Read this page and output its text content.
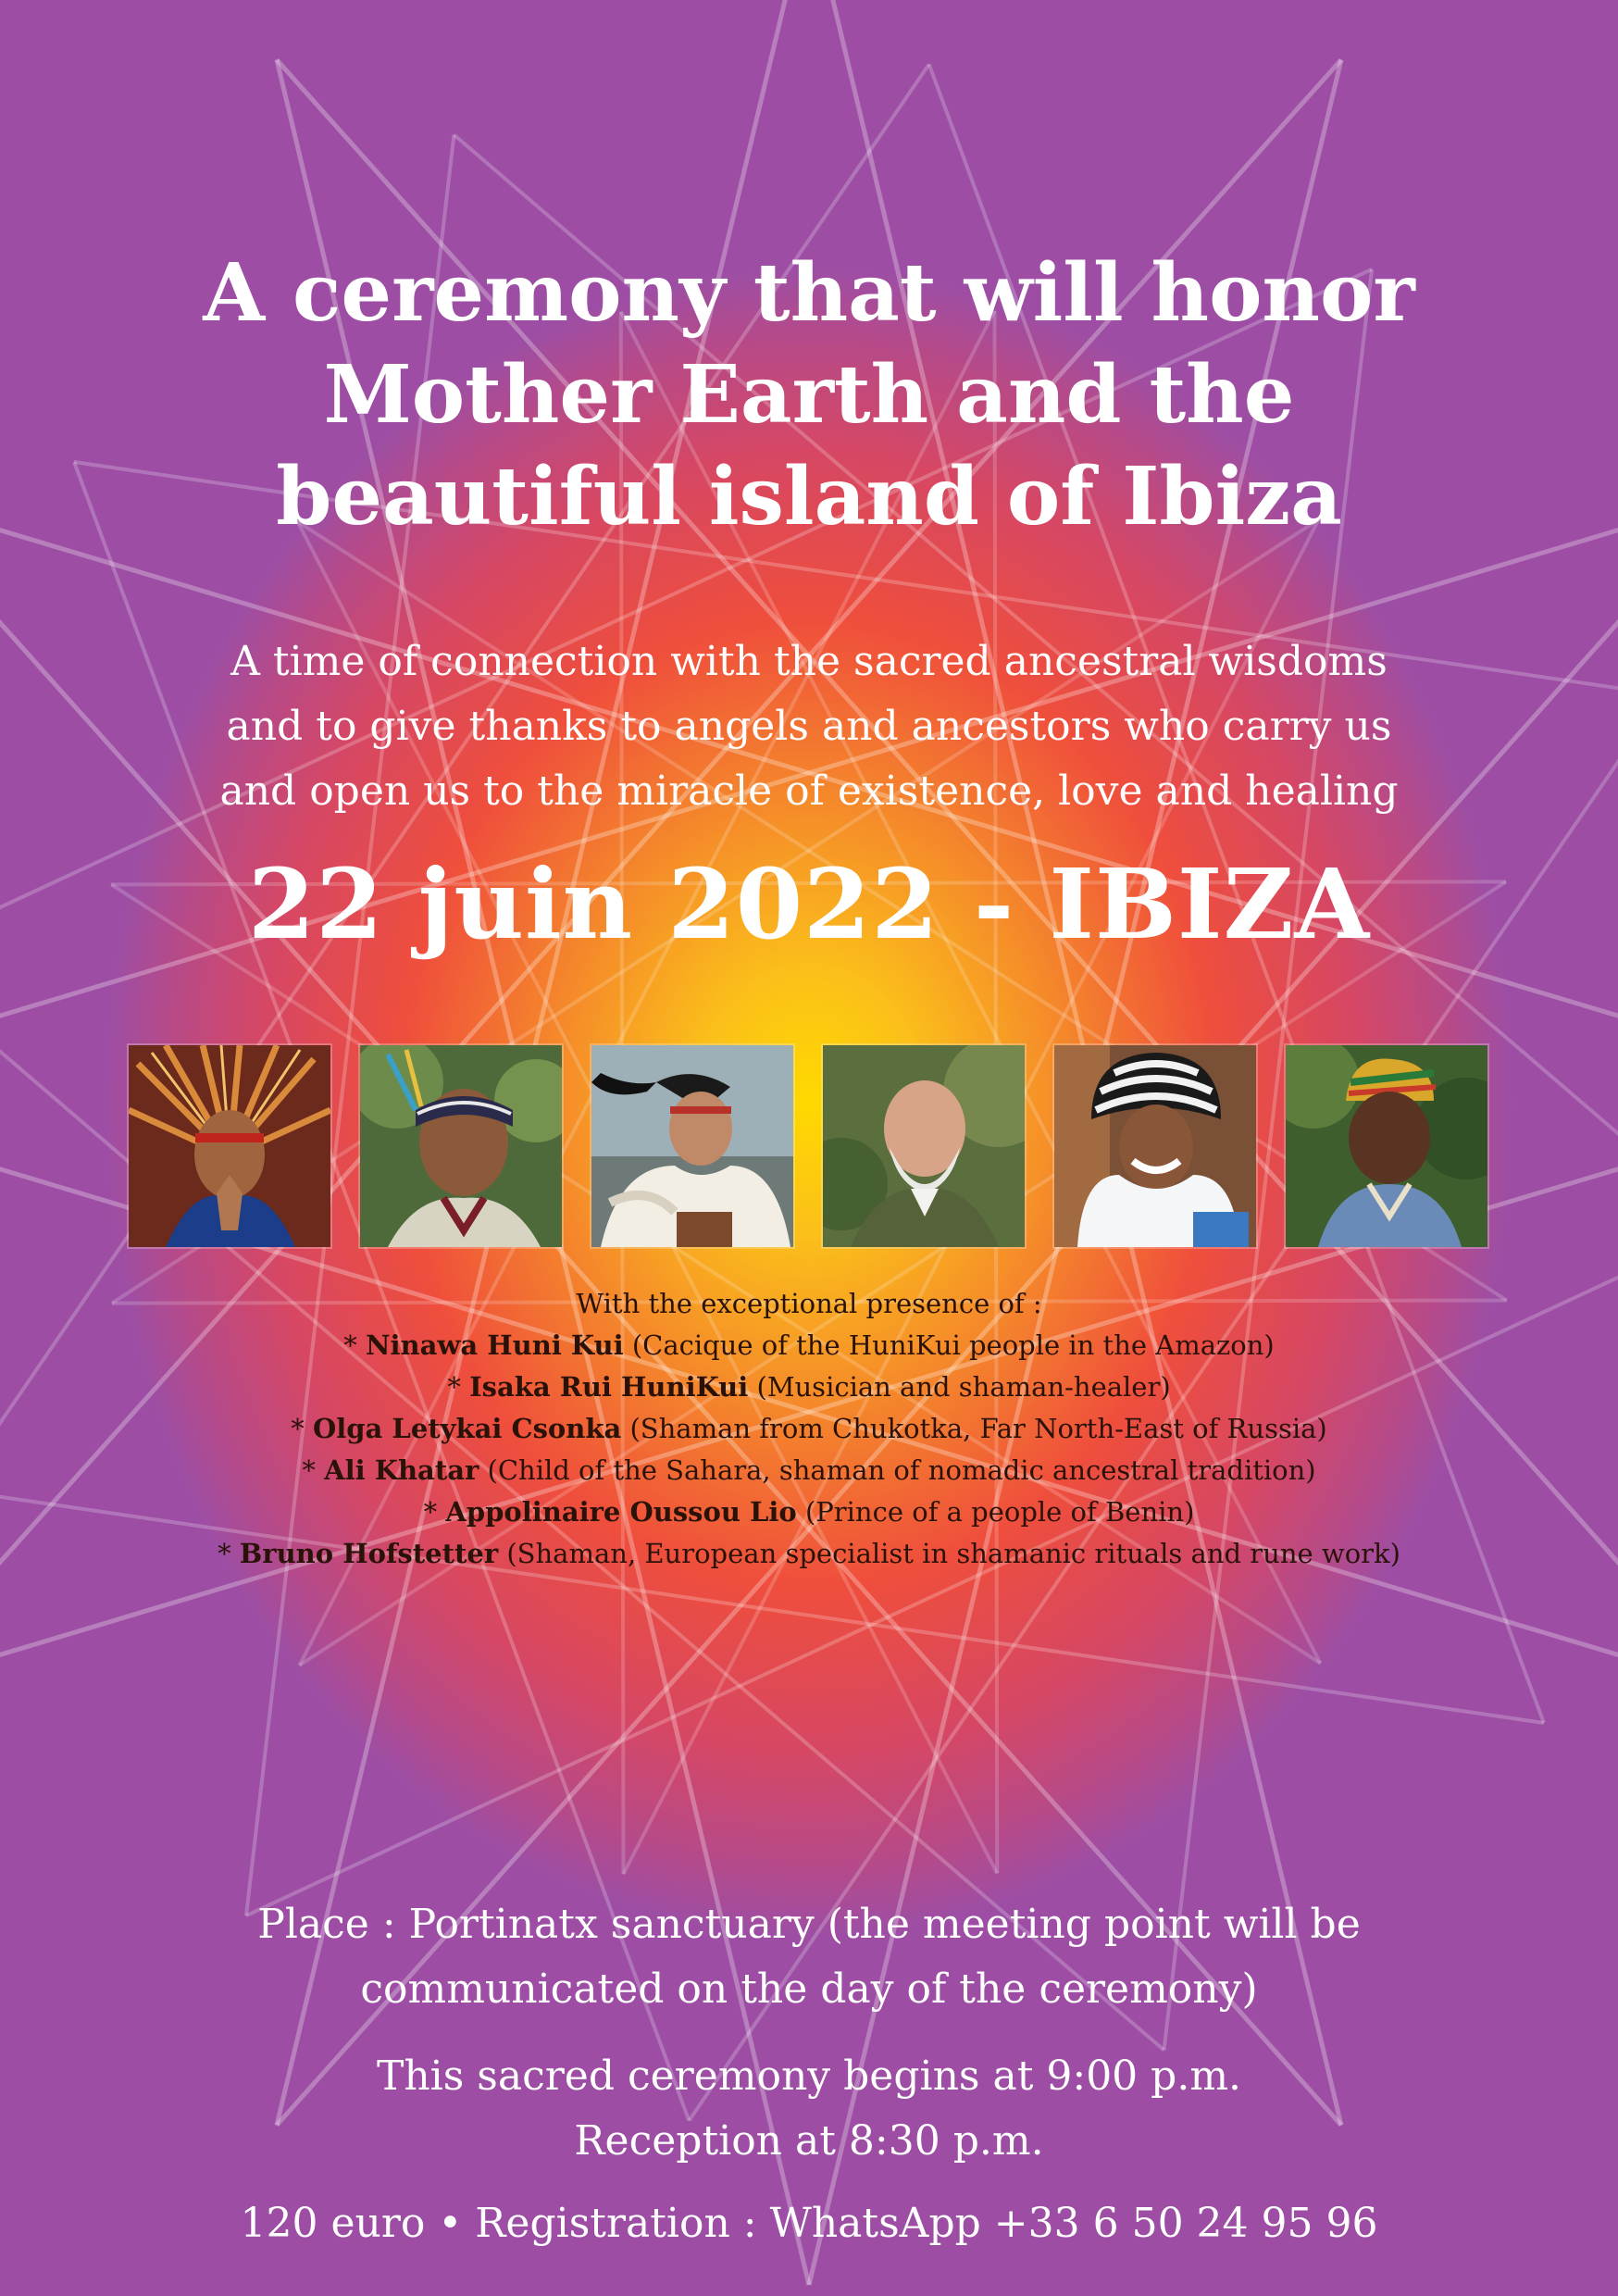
A ceremony that will honor
Mother Earth and the
beautiful island of Ibiza
A time of connection with the sacred ancestral wisdoms
and to give thanks to angels and ancestors who carry us
and open us to the miracle of existence, love and healing
22 juin 2022 - IBIZA
With the exceptional presence of :
* Ninawa Huni Kui (Cacique of the HuniKui people in the Amazon)
* Isaka Rui HuniKui (Musician and shaman-healer)
* Olga Letykai Csonka (Shaman from Chukotka, Far North-East of Russia)
* Ali Khatar (Child of the Sahara, shaman of nomadic ancestral tradition)
* Appolinaire Oussou Lio (Prince of a people of Benin)
* Bruno Hofstetter (Shaman, European specialist in shamanic rituals and rune work)
Place : Portinatx sanctuary (the meeting point will be
communicated on the day of the ceremony)
This sacred ceremony begins at 9:00 p.m.
Reception at 8:30 p.m.
120 euro • Registration : WhatsApp +33 6 50 24 95 96
